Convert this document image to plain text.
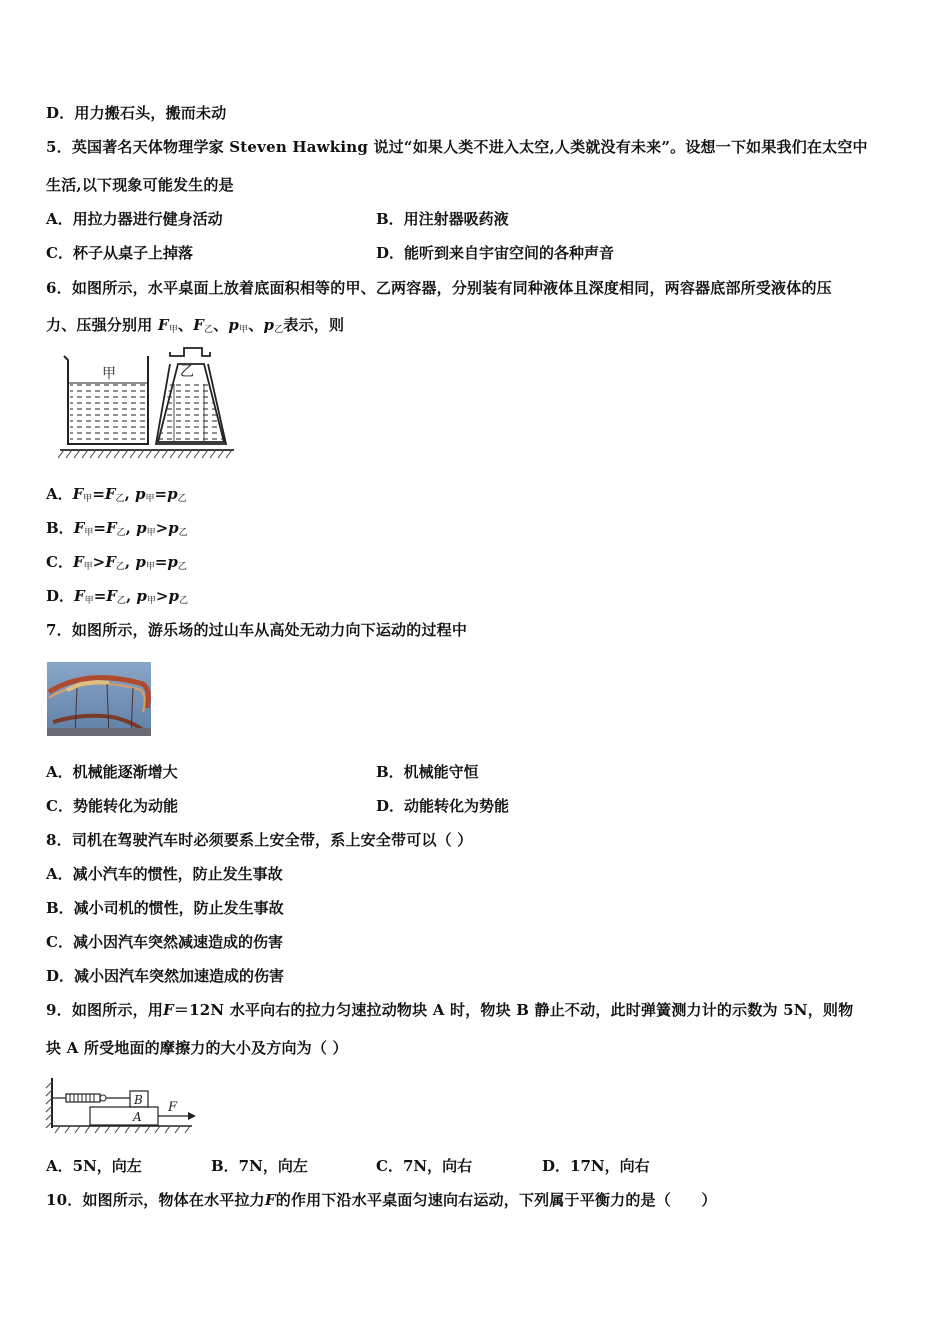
D．用力搬石头，搬而未动
5．英国著名天体物理学家 Steven Hawking 说过“如果人类不进入太空,人类就没有未来”。设想一下如果我们在太空中
生活,以下现象可能发生的是
A．用拉力器进行健身活动	B．用注射器吸药液
C．杯子从桌子上掉落	D．能听到来自宇宙空间的各种声音
6．如图所示，水平桌面上放着底面积相等的甲、乙两容器，分别装有同种液体且深度相同，两容器底部所受液体的压
力、压强分别用 $F_甲$、$F_乙$、$p_甲$、$p_乙$表示，则
甲	乙
A．$F_甲=F_乙$, $p_甲=p_乙$
B．$F_甲=F_乙$, $p_甲>p_乙$
C．$F_甲>F_乙$, $p_甲=p_乙$
D．$F_甲=F_乙$, $p_甲>p_乙$
7．如图所示，游乐场的过山车从高处无动力向下运动的过程中
A．机械能逐渐增大	B．机械能守恒
C．势能转化为动能	D．动能转化为势能
8．司机在驾驶汽车时必须要系上安全带，系上安全带可以（ ）
A．减小汽车的惯性，防止发生事故
B．减小司机的惯性，防止发生事故
C．减小因汽车突然减速造成的伤害
D．减小因汽车突然加速造成的伤害
9．如图所示，用F＝12N 水平向右的拉力匀速拉动物块 A 时，物块 B 静止不动，此时弹簧测力计的示数为 5N，则物
块 A 所受地面的摩擦力的大小及方向为（ ）
B
A
F
A．5N，向左	B．7N，向左	C．7N，向右	D．17N，向右
10．如图所示，物体在水平拉力F的作用下沿水平桌面匀速向右运动，下列属于平衡力的是（　　）
